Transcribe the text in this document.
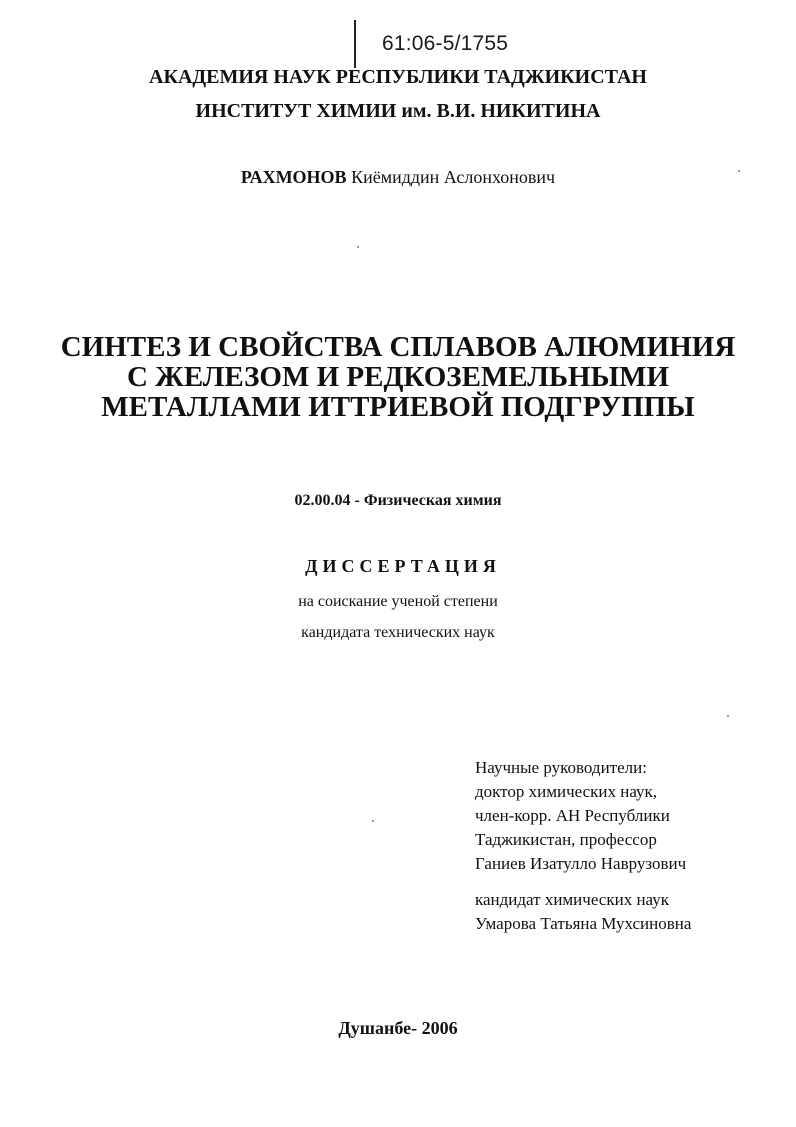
61:06-5/1755
АКАДЕМИЯ НАУК РЕСПУБЛИКИ ТАДЖИКИСТАН
ИНСТИТУТ ХИМИИ им. В.И. НИКИТИНА
РАХМОНОВ Киёмиддин Аслонхонович
СИНТЕЗ И СВОЙСТВА СПЛАВОВ АЛЮМИНИЯ
С ЖЕЛЕЗОМ И РЕДКОЗЕМЕЛЬНЫМИ
МЕТАЛЛАМИ ИТТРИЕВОЙ ПОДГРУППЫ
02.00.04 - Физическая химия
ДИССЕРТАЦИЯ
на соискание ученой степени
кандидата технических наук
Научные руководители:
доктор химических наук,
член-корр. АН Республики
Таджикистан, профессор
Ганиев Изатулло Наврузович
кандидат химических наук
Умарова Татьяна Мухсиновна
Душанбе- 2006
